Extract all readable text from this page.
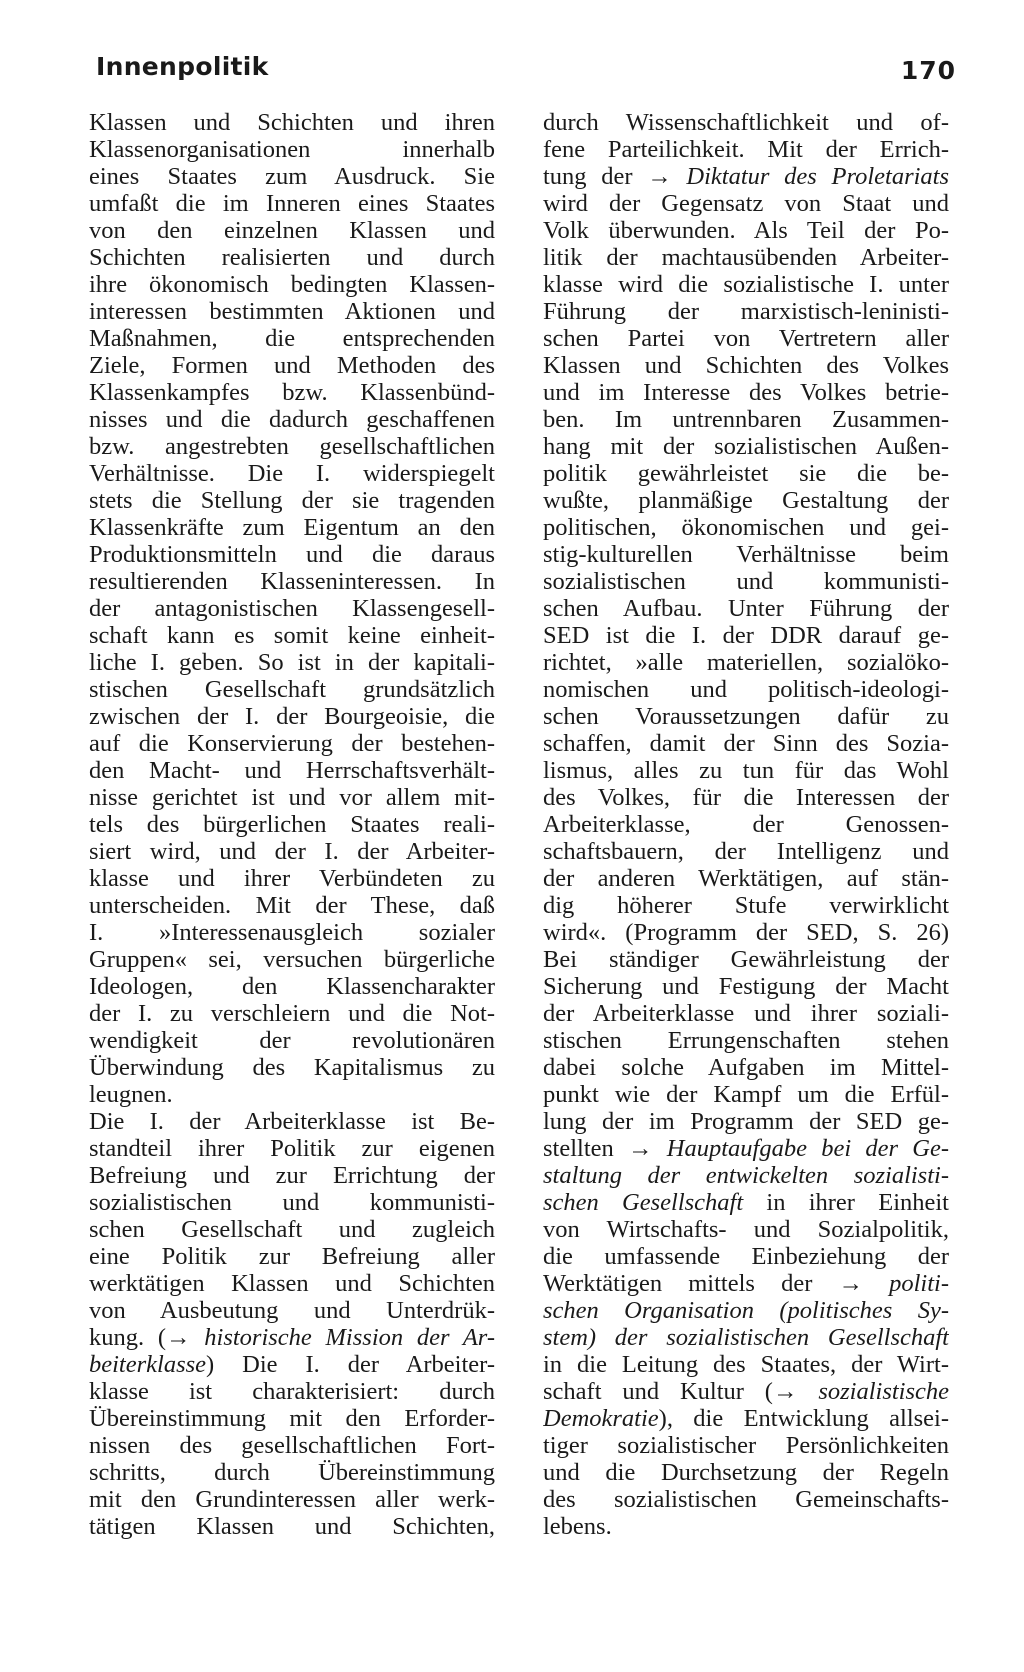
Innenpolitik	170
Klassen und Schichten und ihren
Klassenorganisationen innerhalb
eines Staates zum Ausdruck. Sie
umfaßt die im Inneren eines Staates
von den einzelnen Klassen und
Schichten realisierten und durch
ihre ökonomisch bedingten Klassen-
interessen bestimmten Aktionen und
Maßnahmen, die entsprechenden
Ziele, Formen und Methoden des
Klassenkampfes bzw. Klassenbünd-
nisses und die dadurch geschaffenen
bzw. angestrebten gesellschaftlichen
Verhältnisse. Die I. widerspiegelt
stets die Stellung der sie tragenden
Klassenkräfte zum Eigentum an den
Produktionsmitteln und die daraus
resultierenden Klasseninteressen. In
der antagonistischen Klassengesell-
schaft kann es somit keine einheit-
liche I. geben. So ist in der kapitali-
stischen Gesellschaft grundsätzlich
zwischen der I. der Bourgeoisie, die
auf die Konservierung der bestehen-
den Macht- und Herrschaftsverhält-
nisse gerichtet ist und vor allem mit-
tels des bürgerlichen Staates reali-
siert wird, und der I. der Arbeiter-
klasse und ihrer Verbündeten zu
unterscheiden. Mit der These, daß
I. »Interessenausgleich sozialer
Gruppen« sei, versuchen bürgerliche
Ideologen, den Klassencharakter
der I. zu verschleiern und die Not-
wendigkeit der revolutionären
Überwindung des Kapitalismus zu
leugnen.
Die I. der Arbeiterklasse ist Be-
standteil ihrer Politik zur eigenen
Befreiung und zur Errichtung der
sozialistischen und kommunisti-
schen Gesellschaft und zugleich
eine Politik zur Befreiung aller
werktätigen Klassen und Schichten
von Ausbeutung und Unterdrük-
kung. (→ historische Mission der Ar-
beiterklasse) Die I. der Arbeiter-
klasse ist charakterisiert: durch
Übereinstimmung mit den Erforder-
nissen des gesellschaftlichen Fort-
schritts, durch Übereinstimmung
mit den Grundinteressen aller werk-
tätigen Klassen und Schichten,
durch Wissenschaftlichkeit und of-
fene Parteilichkeit. Mit der Errich-
tung der → Diktatur des Proletariats
wird der Gegensatz von Staat und
Volk überwunden. Als Teil der Po-
litik der machtausübenden Arbeiter-
klasse wird die sozialistische I. unter
Führung der marxistisch-leninisti-
schen Partei von Vertretern aller
Klassen und Schichten des Volkes
und im Interesse des Volkes betrie-
ben. Im untrennbaren Zusammen-
hang mit der sozialistischen Außen-
politik gewährleistet sie die be-
wußte, planmäßige Gestaltung der
politischen, ökonomischen und gei-
stig-kulturellen Verhältnisse beim
sozialistischen und kommunisti-
schen Aufbau. Unter Führung der
SED ist die I. der DDR darauf ge-
richtet, »alle materiellen, sozialöko-
nomischen und politisch-ideologi-
schen Voraussetzungen dafür zu
schaffen, damit der Sinn des Sozia-
lismus, alles zu tun für das Wohl
des Volkes, für die Interessen der
Arbeiterklasse, der Genossen-
schaftsbauern, der Intelligenz und
der anderen Werktätigen, auf stän-
dig höherer Stufe verwirklicht
wird«. (Programm der SED, S. 26)
Bei ständiger Gewährleistung der
Sicherung und Festigung der Macht
der Arbeiterklasse und ihrer soziali-
stischen Errungenschaften stehen
dabei solche Aufgaben im Mittel-
punkt wie der Kampf um die Erfül-
lung der im Programm der SED ge-
stellten → Hauptaufgabe bei der Ge-
staltung der entwickelten sozialisti-
schen Gesellschaft in ihrer Einheit
von Wirtschafts- und Sozialpolitik,
die umfassende Einbeziehung der
Werktätigen mittels der → politi-
schen Organisation (politisches Sy-
stem) der sozialistischen Gesellschaft
in die Leitung des Staates, der Wirt-
schaft und Kultur (→ sozialistische
Demokratie), die Entwicklung allsei-
tiger sozialistischer Persönlichkeiten
und die Durchsetzung der Regeln
des sozialistischen Gemeinschafts-
lebens.
